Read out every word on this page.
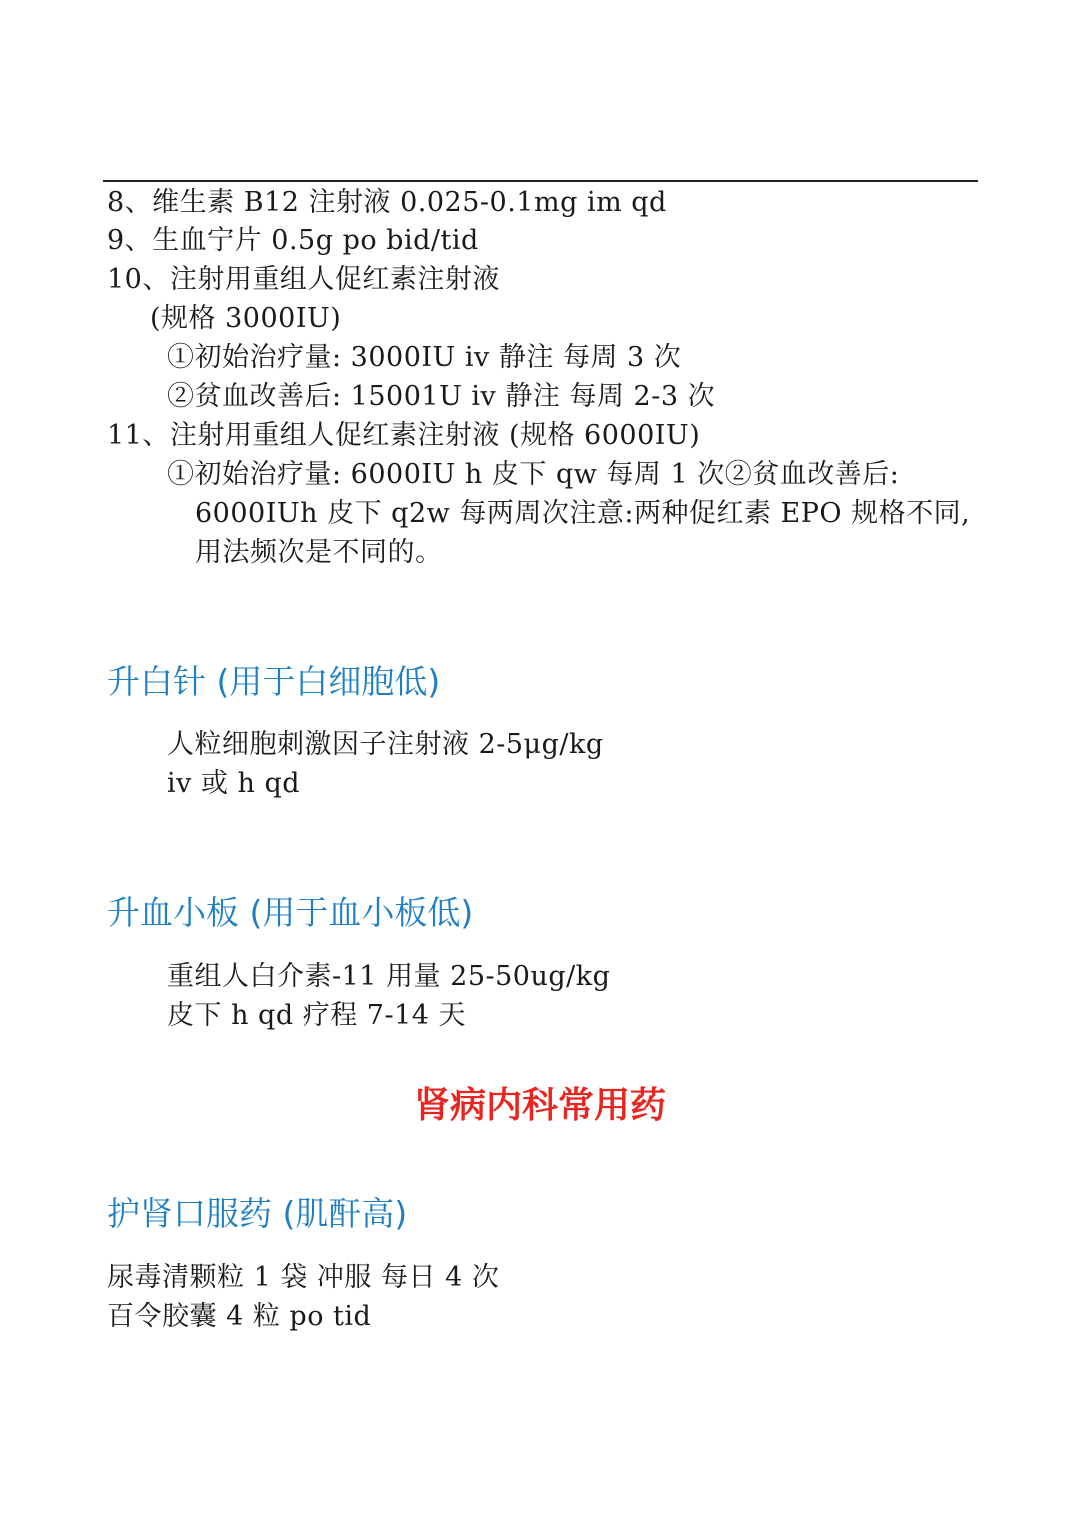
8、维生素 B12 注射液 0.025-0.1mg im qd
9、生血宁片 0.5g po bid/tid
10、注射用重组人促红素注射液
(规格 3000IU)
①初始治疗量: 3000IU iv 静注 每周 3 次
②贫血改善后: 15001U iv 静注 每周 2-3 次
11、注射用重组人促红素注射液 (规格 6000IU)
①初始治疗量: 6000IU h 皮下 qw 每周 1 次②贫血改善后:
6000IUh 皮下 q2w 每两周次注意:两种促红素 EPO 规格不同,
用法频次是不同的。
升白针 (用于白细胞低)
人粒细胞刺激因子注射液 2-5μg/kg
iv 或 h qd
升血小板 (用于血小板低)
重组人白介素-11 用量 25-50ug/kg
皮下 h qd 疗程 7-14 天
肾病内科常用药
护肾口服药 (肌酐高)
尿毒清颗粒 1 袋 冲服 每日 4 次
百令胶囊 4 粒 po tid
